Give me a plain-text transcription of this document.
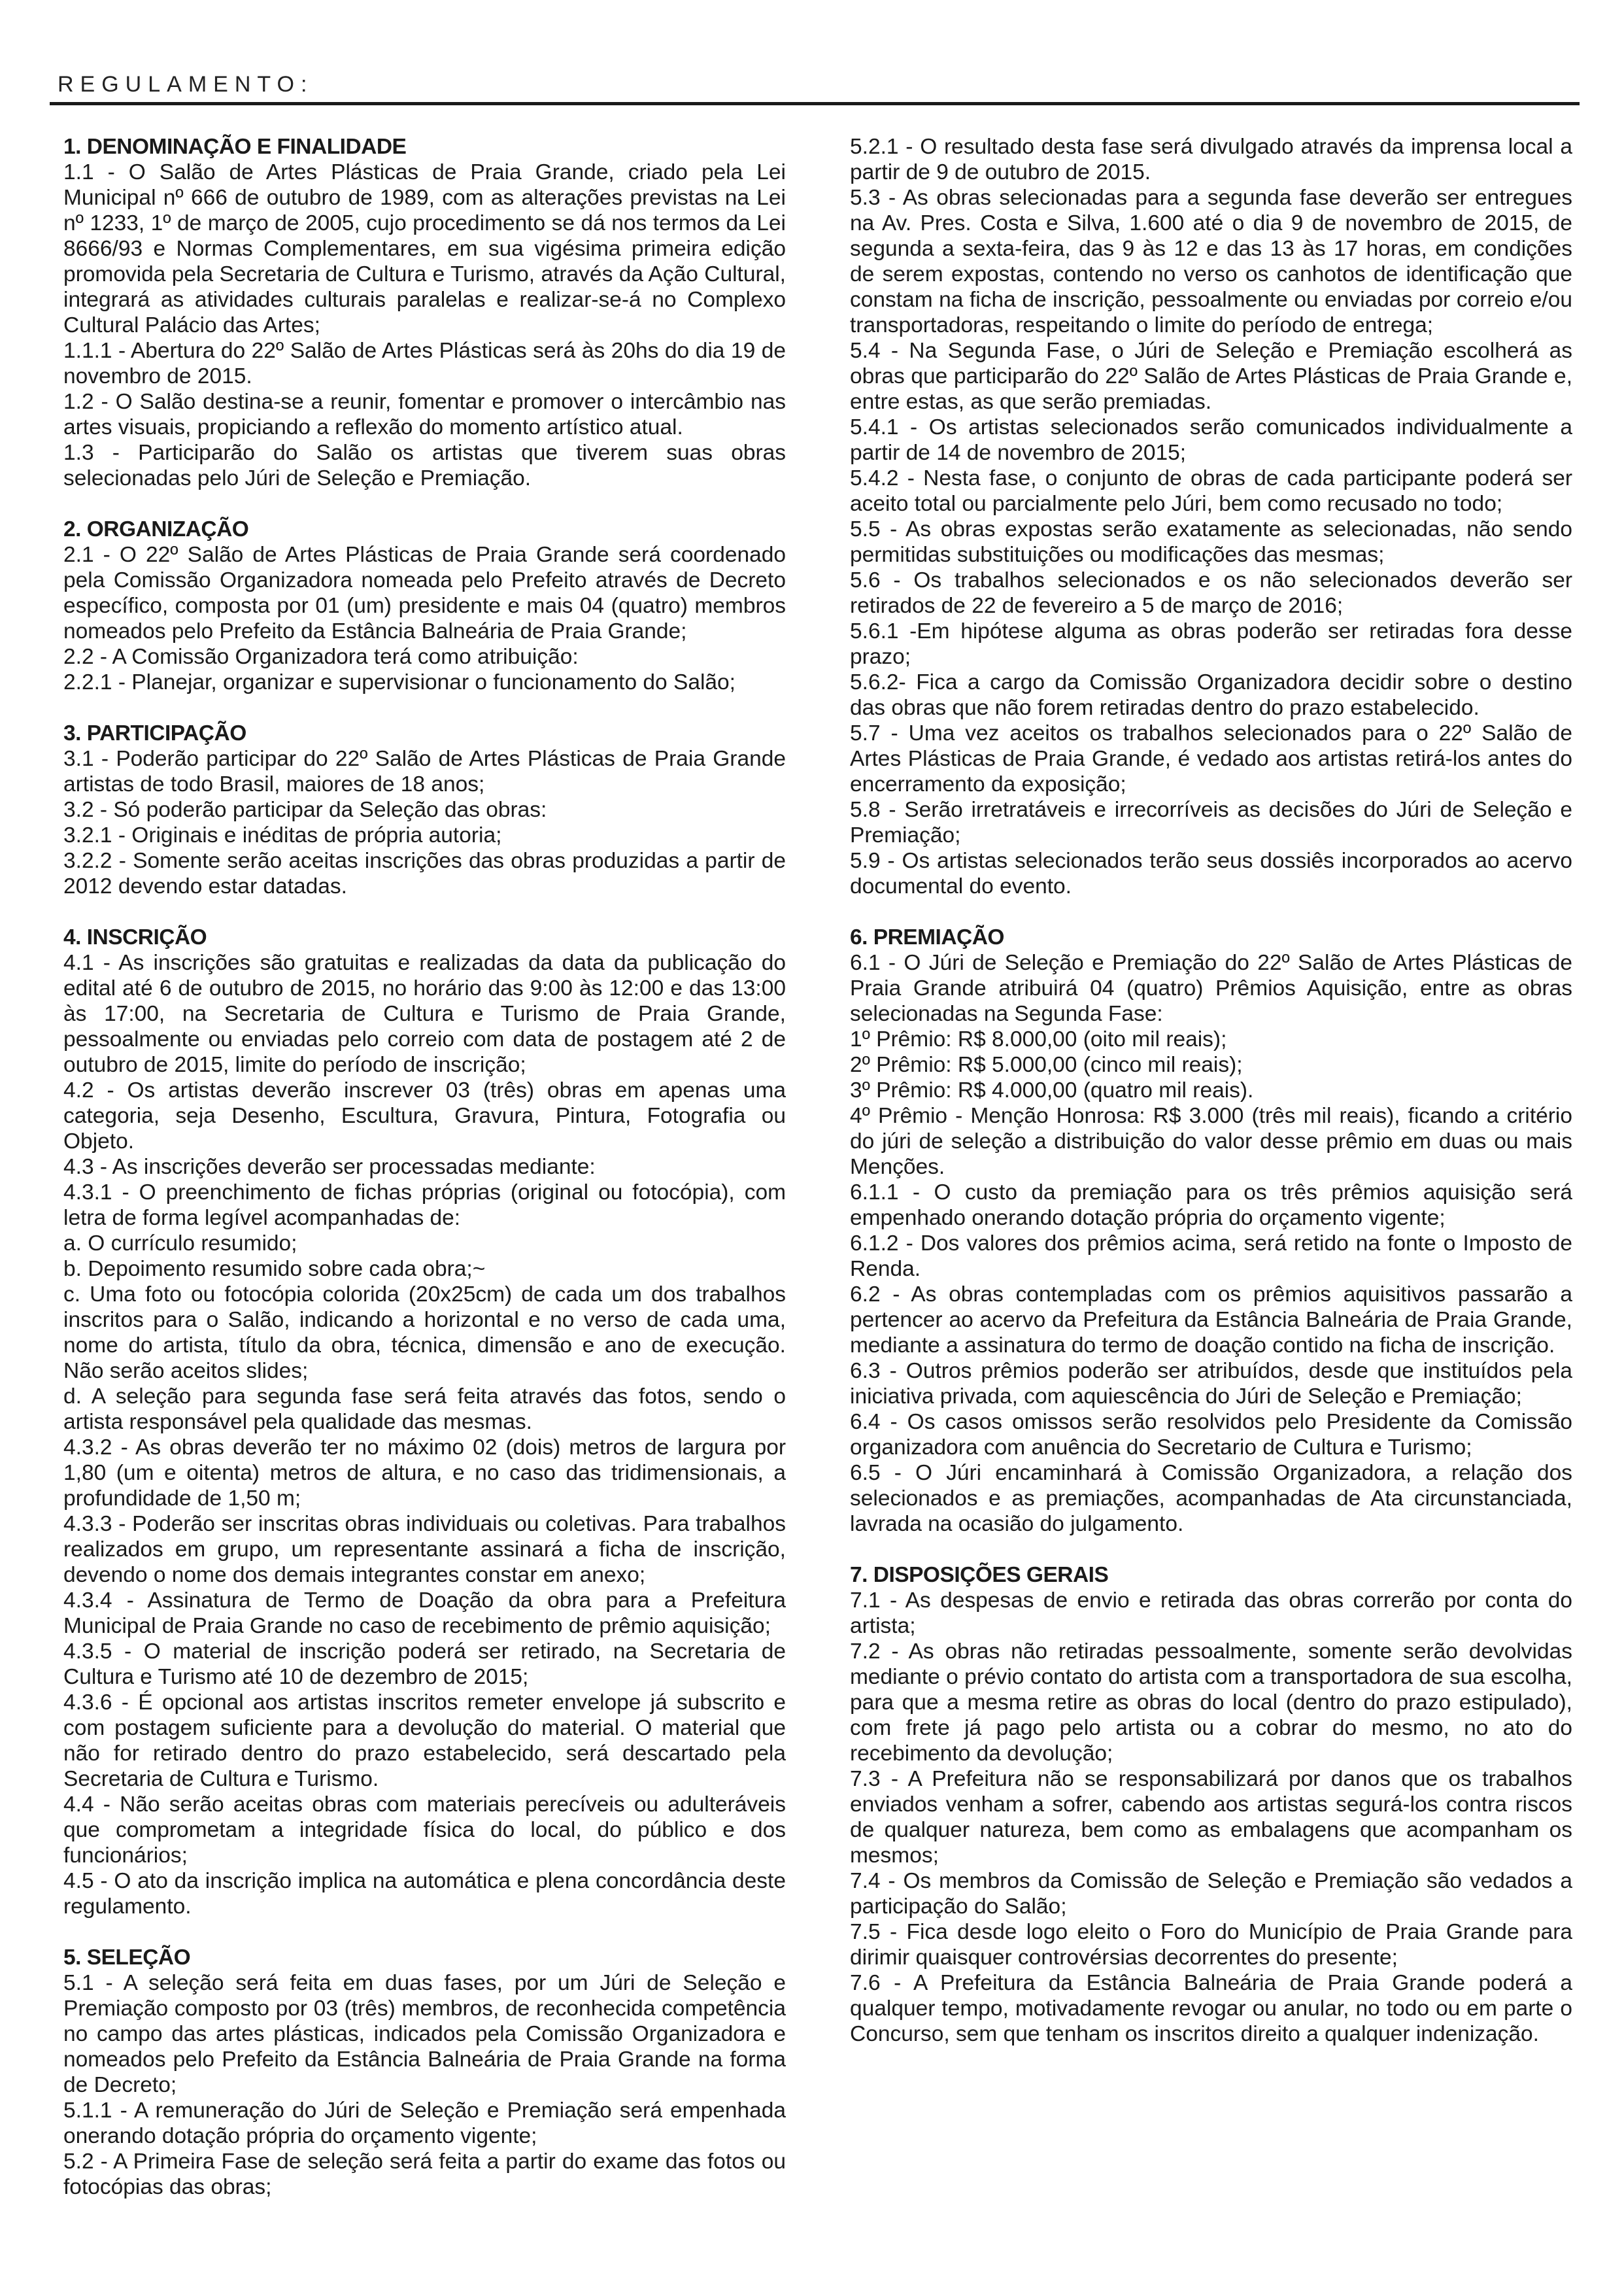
REGULAMENTO:
1. DENOMINAÇÃO E FINALIDADE

1.1 - O Salão de Artes Plásticas de Praia Grande, criado pela Lei Municipal nº 666 de outubro de 1989, com as alterações previstas na Lei nº 1233, 1º de março de 2005, cujo procedimento se dá nos termos da Lei 8666/93 e Normas Complementares, em sua vigésima primeira edição promovida pela Secretaria de Cultura e Turismo, através da Ação Cultural, integrará as atividades culturais paralelas e realizar-se-á no Complexo Cultural Palácio das Artes;

1.1.1 - Abertura do 22º Salão de Artes Plásticas será às 20hs do dia 19 de novembro de 2015.

1.2 - O Salão destina-se a reunir, fomentar e promover o intercâmbio nas artes visuais, propiciando a reflexão do momento artístico atual.

1.3 - Participarão do Salão os artistas que tiverem suas obras selecionadas pelo Júri de Seleção e Premiação.

2. ORGANIZAÇÃO

2.1 - O 22º Salão de Artes Plásticas de Praia Grande será coordenado pela Comissão Organizadora nomeada pelo Prefeito através de Decreto específico, composta por 01 (um) presidente e mais 04 (quatro) membros nomeados pelo Prefeito da Estância Balneária de Praia Grande;

2.2 - A Comissão Organizadora terá como atribuição:

2.2.1 - Planejar, organizar e supervisionar o funcionamento do Salão;

3. PARTICIPAÇÃO

3.1 - Poderão participar do 22º Salão de Artes Plásticas de Praia Grande artistas de todo Brasil, maiores de 18 anos;

3.2 - Só poderão participar da Seleção das obras:

3.2.1 - Originais e inéditas de própria autoria;

3.2.2 - Somente serão aceitas inscrições das obras produzidas a partir de 2012 devendo estar datadas.

4. INSCRIÇÃO

4.1 - As inscrições são gratuitas e realizadas da data da publicação do edital até 6 de outubro de 2015, no horário das 9:00 às 12:00 e das 13:00 às 17:00, na Secretaria de Cultura e Turismo de Praia Grande, pessoalmente ou enviadas pelo correio com data de postagem até 2 de outubro de 2015, limite do período de inscrição;

4.2 - Os artistas deverão inscrever 03 (três) obras em apenas uma categoria, seja Desenho, Escultura, Gravura, Pintura, Fotografia ou Objeto.

4.3 - As inscrições deverão ser processadas mediante:

4.3.1 - O preenchimento de fichas próprias (original ou fotocópia), com letra de forma legível acompanhadas de:

a. O currículo resumido;

b. Depoimento resumido sobre cada obra;~

c. Uma foto ou fotocópia colorida (20x25cm) de cada um dos trabalhos inscritos para o Salão, indicando a horizontal e no verso de cada uma, nome do artista, título da obra, técnica, dimensão e ano de execução. Não serão aceitos slides;

d. A seleção para segunda fase será feita através das fotos, sendo o artista responsável pela qualidade das mesmas.

4.3.2 - As obras deverão ter no máximo 02 (dois) metros de largura por 1,80 (um e oitenta) metros de altura, e no caso das tridimensionais, a profundidade de 1,50 m;

4.3.3 - Poderão ser inscritas obras individuais ou coletivas. Para trabalhos realizados em grupo, um representante assinará a ficha de inscrição, devendo o nome dos demais integrantes constar em anexo;

4.3.4 - Assinatura de Termo de Doação da obra para a Prefeitura Municipal de Praia Grande no caso de recebimento de prêmio aquisição;

4.3.5 - O material de inscrição poderá ser retirado, na Secretaria de Cultura e Turismo até 10 de dezembro de 2015;

4.3.6 - É opcional aos artistas inscritos remeter envelope já subscrito e com postagem suficiente para a devolução do material. O material que não for retirado dentro do prazo estabelecido, será descartado pela Secretaria de Cultura e Turismo.

4.4 - Não serão aceitas obras com materiais perecíveis ou adulteráveis que comprometam a integridade física do local, do público e dos funcionários;

4.5 - O ato da inscrição implica na automática e plena concordância deste regulamento.

5. SELEÇÃO

5.1 - A seleção será feita em duas fases, por um Júri de Seleção e Premiação composto por 03 (três) membros, de reconhecida competência no campo das artes plásticas, indicados pela Comissão Organizadora e nomeados pelo Prefeito da Estância Balneária de Praia Grande na forma de Decreto;

5.1.1 - A remuneração do Júri de Seleção e Premiação será empenhada onerando dotação própria do orçamento vigente;

5.2 - A Primeira Fase de seleção será feita a partir do exame das fotos ou fotocópias das obras;

5.2.1 - O resultado desta fase será divulgado através da imprensa local a partir de 9 de outubro de 2015.

5.3 - As obras selecionadas para a segunda fase deverão ser entregues na Av. Pres. Costa e Silva, 1.600 até o dia 9 de novembro de 2015, de segunda a sexta-feira, das 9 às 12 e das 13 às 17 horas, em condições de serem expostas, contendo no verso os canhotos de identificação que constam na ficha de inscrição, pessoalmente ou enviadas por correio e/ou transportadoras, respeitando o limite do período de entrega;

5.4 - Na Segunda Fase, o Júri de Seleção e Premiação escolherá as obras que participarão do 22º Salão de Artes Plásticas de Praia Grande e, entre estas, as que serão premiadas.

5.4.1 - Os artistas selecionados serão comunicados individualmente a partir de 14 de novembro de 2015;

5.4.2 - Nesta fase, o conjunto de obras de cada participante poderá ser aceito total ou parcialmente pelo Júri, bem como recusado no todo;

5.5 - As obras expostas serão exatamente as selecionadas, não sendo permitidas substituições ou modificações das mesmas;

5.6 - Os trabalhos selecionados e os não selecionados deverão ser retirados de 22 de fevereiro a 5 de março de 2016;

5.6.1 -Em hipótese alguma as obras poderão ser retiradas fora desse prazo;

5.6.2- Fica a cargo da Comissão Organizadora decidir sobre o destino das obras que não forem retiradas dentro do prazo estabelecido.

5.7 - Uma vez aceitos os trabalhos selecionados para o 22º Salão de Artes Plásticas de Praia Grande, é vedado aos artistas retirá-los antes do encerramento da exposição;

5.8 - Serão irretratáveis e irrecorríveis as decisões do Júri de Seleção e Premiação;

5.9 - Os artistas selecionados terão seus dossiês incorporados ao acervo documental do evento.

6. PREMIAÇÃO

6.1 - O Júri de Seleção e Premiação do 22º Salão de Artes Plásticas de Praia Grande atribuirá 04 (quatro) Prêmios Aquisição, entre as obras selecionadas na Segunda Fase:

1º Prêmio: R$ 8.000,00 (oito mil reais);

2º Prêmio: R$ 5.000,00 (cinco mil reais);

3º Prêmio: R$ 4.000,00 (quatro mil reais).

4º Prêmio - Menção Honrosa: R$ 3.000 (três mil reais), ficando a critério do júri de seleção a distribuição do valor desse prêmio em duas ou mais Menções.

6.1.1 - O custo da premiação para os três prêmios aquisição será empenhado onerando dotação própria do orçamento vigente;

6.1.2 - Dos valores dos prêmios acima, será retido na fonte o Imposto de Renda.

6.2 - As obras contempladas com os prêmios aquisitivos passarão a pertencer ao acervo da Prefeitura da Estância Balneária de Praia Grande, mediante a assinatura do termo de doação contido na ficha de inscrição.

6.3 - Outros prêmios poderão ser atribuídos, desde que instituídos pela iniciativa privada, com aquiescência do Júri de Seleção e Premiação;

6.4 - Os casos omissos serão resolvidos pelo Presidente da Comissão organizadora com anuência do Secretario de Cultura e Turismo;

6.5 - O Júri encaminhará à Comissão Organizadora, a relação dos selecionados e as premiações, acompanhadas de Ata circunstanciada, lavrada na ocasião do julgamento.

7. DISPOSIÇÕES GERAIS

7.1 - As despesas de envio e retirada das obras correrão por conta do artista;

7.2 - As obras não retiradas pessoalmente, somente serão devolvidas mediante o prévio contato do artista com a transportadora de sua escolha, para que a mesma retire as obras do local (dentro do prazo estipulado), com frete já pago pelo artista ou a cobrar do mesmo, no ato do recebimento da devolução;

7.3 - A Prefeitura não se responsabilizará por danos que os trabalhos enviados venham a sofrer, cabendo aos artistas segurá-los contra riscos de qualquer natureza, bem como as embalagens que acompanham os mesmos;

7.4 - Os membros da Comissão de Seleção e Premiação são vedados a participação do Salão;

7.5 - Fica desde logo eleito o Foro do Município de Praia Grande para dirimir quaisquer controvérsias decorrentes do presente;

7.6 - A Prefeitura da Estância Balneária de Praia Grande poderá a qualquer tempo, motivadamente revogar ou anular, no todo ou em parte o Concurso, sem que tenham os inscritos direito a qualquer indenização.
